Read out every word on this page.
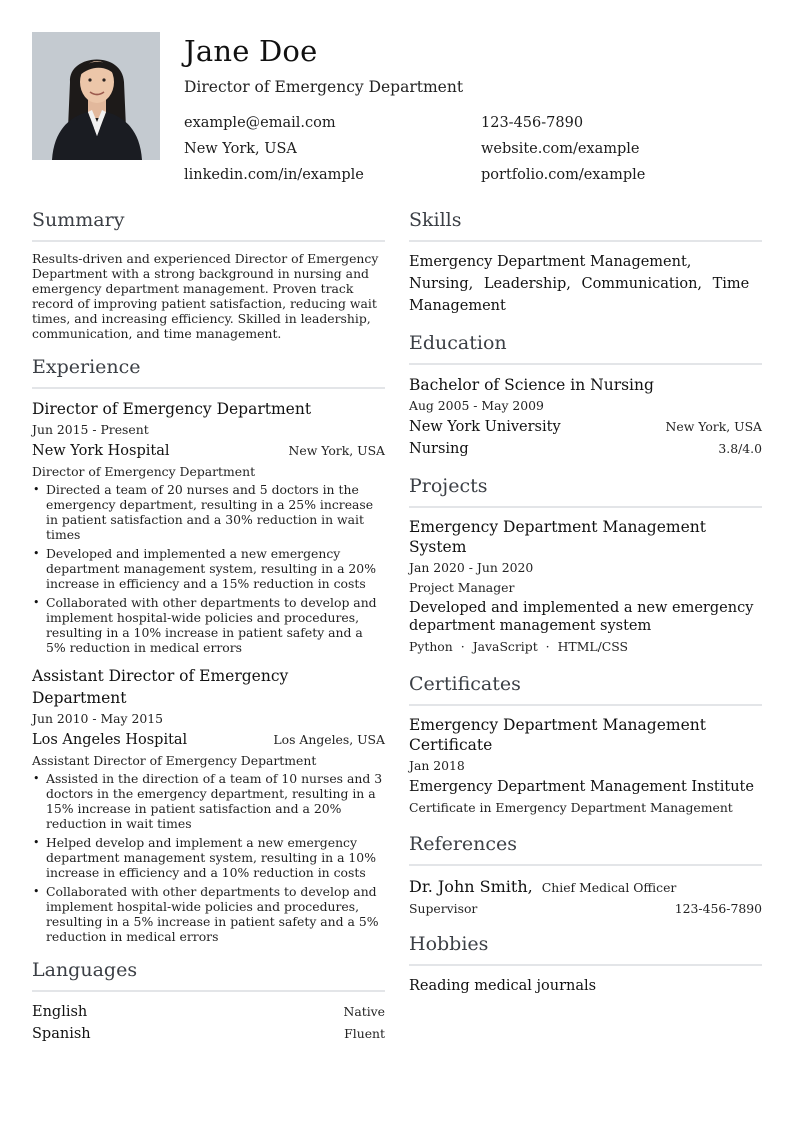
Jane Doe
Director of Emergency Department
example@email.com
New York, USA
linkedin.com/in/example
123-456-7890
website.com/example
portfolio.com/example
Summary
Results-driven and experienced Director of Emergency Department with a strong background in nursing and emergency department management. Proven track record of improving patient satisfaction, reducing wait times, and increasing efficiency. Skilled in leadership, communication, and time management.
Experience
Director of Emergency Department
Jun 2015 - Present
New York Hospital	New York, USA
Director of Emergency Department
• Directed a team of 20 nurses and 5 doctors in the emergency department, resulting in a 25% increase in patient satisfaction and a 30% reduction in wait times
• Developed and implemented a new emergency department management system, resulting in a 20% increase in efficiency and a 15% reduction in costs
• Collaborated with other departments to develop and implement hospital-wide policies and procedures, resulting in a 10% increase in patient safety and a 5% reduction in medical errors
Assistant Director of Emergency Department
Jun 2010 - May 2015
Los Angeles Hospital	Los Angeles, USA
Assistant Director of Emergency Department
• Assisted in the direction of a team of 10 nurses and 3 doctors in the emergency department, resulting in a 15% increase in patient satisfaction and a 20% reduction in wait times
• Helped develop and implement a new emergency department management system, resulting in a 10% increase in efficiency and a 10% reduction in costs
• Collaborated with other departments to develop and implement hospital-wide policies and procedures, resulting in a 5% increase in patient safety and a 5% reduction in medical errors
Languages
English	Native
Spanish	Fluent
Skills
Emergency Department Management, Nursing, Leadership, Communication, Time Management
Education
Bachelor of Science in Nursing
Aug 2005 - May 2009
New York University	New York, USA
Nursing	3.8/4.0
Projects
Emergency Department Management System
Jan 2020 - Jun 2020
Project Manager
Developed and implemented a new emergency department management system
Python · JavaScript · HTML/CSS
Certificates
Emergency Department Management Certificate
Jan 2018
Emergency Department Management Institute
Certificate in Emergency Department Management
References
Dr. John Smith, Chief Medical Officer
Supervisor	123-456-7890
Hobbies
Reading medical journals
